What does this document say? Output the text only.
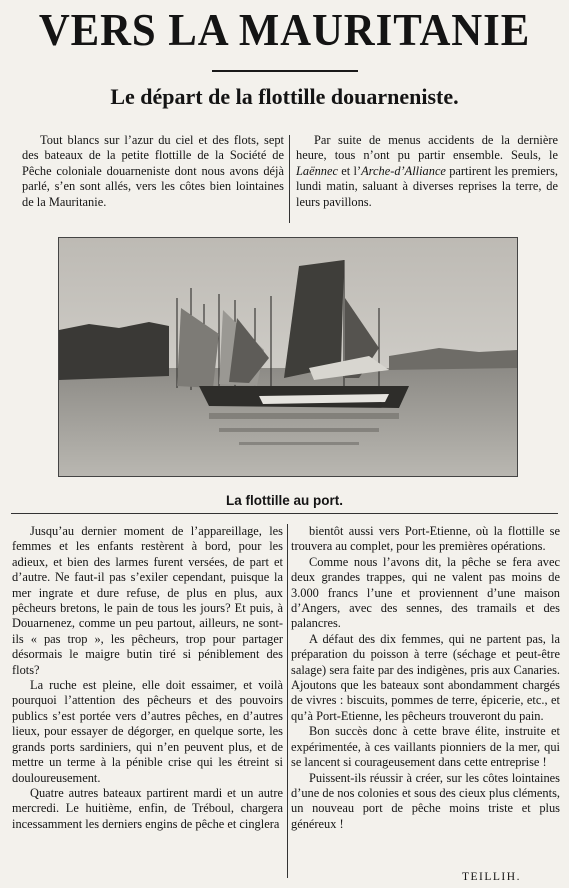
VERS LA MAURITANIE
Le départ de la flottille douarneniste.

Tout blancs sur l’azur du ciel et des flots, sept des bateaux de la petite flottille de la Société de Pêche coloniale douarneniste dont nous avons déjà parlé, s’en sont allés, vers les côtes bien lointaines de la Mauritanie.

Par suite de menus accidents de la dernière heure, tous n’ont pu partir ensemble. Seuls, le Laënnec et l’Arche-d’Alliance partirent les premiers, lundi matin, saluant à diverses reprises la terre, de leurs pavillons.

La flottille au port.

Jusqu’au dernier moment de l’appareillage, les femmes et les enfants restèrent à bord, pour les adieux, et bien des larmes furent versées, de part et d’autre. Ne faut-il pas s’exiler cependant, puisque la mer ingrate et dure refuse, de plus en plus, aux pêcheurs bretons, le pain de tous les jours? Et puis, à Douarnenez, comme un peu partout, ailleurs, ne sont-ils « pas trop », les pêcheurs, trop pour partager désormais le maigre butin tiré si péniblement des flots?

La ruche est pleine, elle doit essaimer, et voilà pourquoi l’attention des pêcheurs et des pouvoirs publics s’est portée vers d’autres pêches, en d’autres lieux, pour essayer de dégorger, en quelque sorte, les grands ports sardiniers, qui n’en peuvent plus, et de mettre un terme à la pénible crise qui les étreint si douloureusement.

Quatre autres bateaux partirent mardi et un autre mercredi. Le huitième, enfin, de Tréboul, chargera incessamment les derniers engins de pêche et cinglera

bientôt aussi vers Port-Etienne, où la flottille se trouvera au complet, pour les premières opérations.

Comme nous l’avons dit, la pêche se fera avec deux grandes trappes, qui ne valent pas moins de 3.000 francs l’une et proviennent d’une maison d’Angers, avec des sennes, des tramails et des palancres.

A défaut des dix femmes, qui ne partent pas, la préparation du poisson à terre (séchage et peut-être salage) sera faite par des indigènes, pris aux Canaries. Ajoutons que les bateaux sont abondamment chargés de vivres : biscuits, pommes de terre, épicerie, etc., et qu’à Port-Etienne, les pêcheurs trouveront du pain.

Bon succès donc à cette brave élite, instruite et expérimentée, à ces vaillants pionniers de la mer, qui se lancent si courageusement dans cette entreprise !

Puissent-ils réussir à créer, sur les côtes lointaines d’une de nos colonies et sous des cieux plus cléments, un nouveau port de pêche moins triste et plus généreux !

TEILLIH.
